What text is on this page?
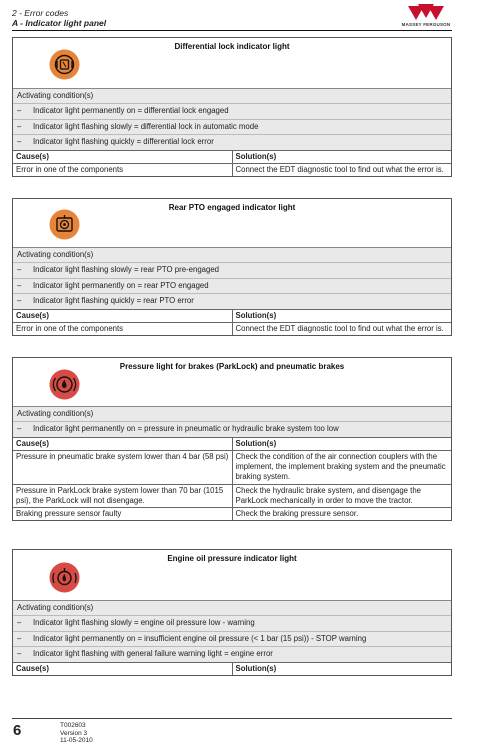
2 - Error codes
A - Indicator light panel	MASSEY FERGUSON
Differential lock indicator light
Activating condition(s)
– Indicator light permanently on = differential lock engaged
– Indicator light flashing slowly = differential lock in automatic mode
– Indicator light flashing quickly = differential lock error
Cause(s)	Solution(s)
Error in one of the components	Connect the EDT diagnostic tool to find out what the error is.
Rear PTO engaged indicator light
Activating condition(s)
– Indicator light flashing slowly = rear PTO pre-engaged
– Indicator light permanently on = rear PTO engaged
– Indicator light flashing quickly = rear PTO error
Cause(s)	Solution(s)
Error in one of the components	Connect the EDT diagnostic tool to find out what the error is.
Pressure light for brakes (ParkLock) and pneumatic brakes
Activating condition(s)
– Indicator light permanently on = pressure in pneumatic or hydraulic brake system too low
Cause(s)	Solution(s)
Pressure in pneumatic brake system lower than 4 bar (58 psi)	Check the condition of the air connection couplers with the implement, the implement braking system and the pneumatic braking system.
Pressure in ParkLock brake system lower than 70 bar (1015 psi), the ParkLock will not disengage.	Check the hydraulic brake system, and disengage the ParkLock mechanically in order to move the tractor.
Braking pressure sensor faulty	Check the braking pressure sensor.
Engine oil pressure indicator light
Activating condition(s)
– Indicator light flashing slowly = engine oil pressure low - warning
– Indicator light permanently on = insufficient engine oil pressure (< 1 bar (15 psi)) - STOP warning
– Indicator light flashing with general failure warning light = engine error
Cause(s)	Solution(s)
6	T002603
Version 3
11-05-2010
